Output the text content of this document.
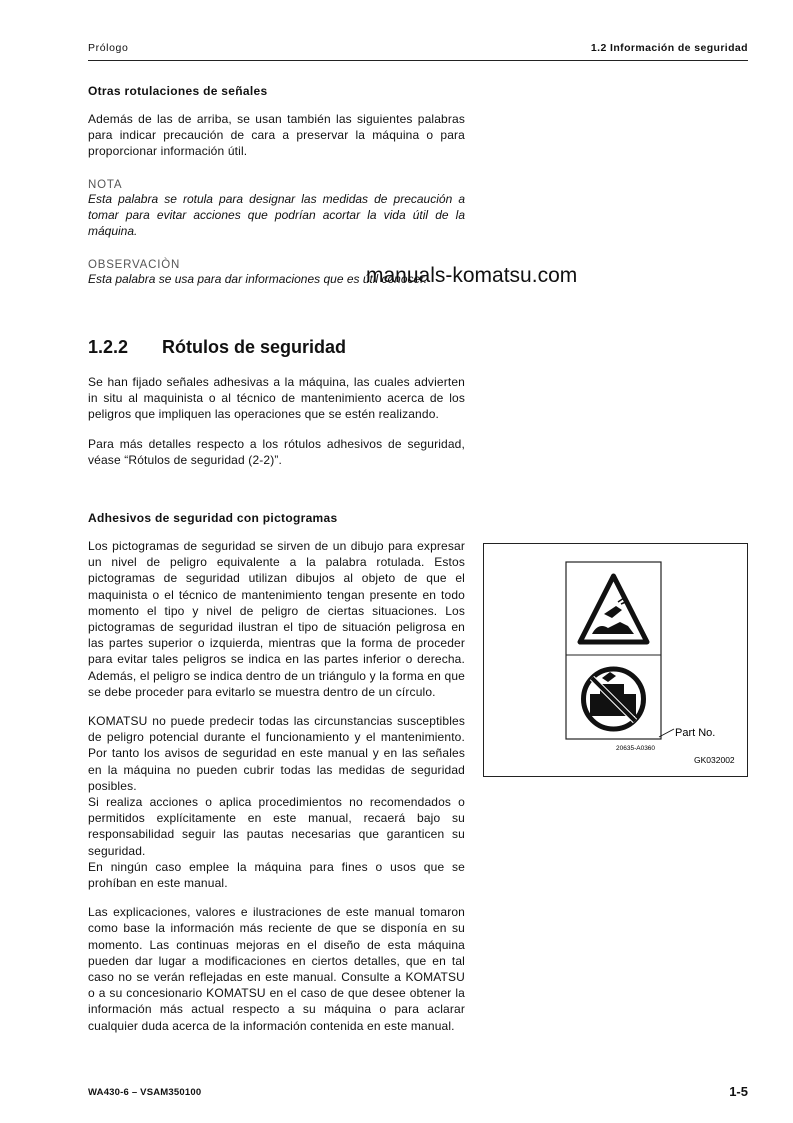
Prólogo	1.2 Información de seguridad
Otras rotulaciones de señales

Además de las de arriba, se usan también las siguientes palabras para indicar precaución de cara a preservar la máquina o para proporcionar información útil.

NOTA

Esta palabra se rotula para designar las medidas de precaución a tomar para evitar acciones que podrían acortar la vida útil de la máquina.

OBSERVACIÒN

Esta palabra se usa para dar informaciones que es útil conocer.

manuals-komatsu.com
1.2.2 Rótulos de seguridad

Se han fijado señales adhesivas a la máquina, las cuales advierten in situ al maquinista o al técnico de mantenimiento acerca de los peligros que impliquen las operaciones que se estén realizando.

Para más detalles respecto a los rótulos adhesivos de seguridad, véase “Rótulos de seguridad (2-2)”.

Adhesivos de seguridad con pictogramas

Los pictogramas de seguridad se sirven de un dibujo para expresar un nivel de peligro equivalente a la palabra rotulada. Estos pictogramas de seguridad utilizan dibujos al objeto de que el maquinista o el técnico de mantenimiento tengan presente en todo momento el tipo y nivel de peligro de ciertas situaciones. Los pictogramas de seguridad ilustran el tipo de situación peligrosa en las partes superior o izquierda, mientras que la forma de proceder para evitar tales peligros se indica en las partes inferior o derecha. Además, el peligro se indica dentro de un triángulo y la forma en que se debe proceder para evitarlo se muestra dentro de un círculo.

KOMATSU no puede predecir todas las circunstancias susceptibles de peligro potencial durante el funcionamiento y el mantenimiento. Por tanto los avisos de seguridad en este manual y en las señales en la máquina no pueden cubrir todas las medidas de seguridad posibles.

Si realiza acciones o aplica procedimientos no recomendados o permitidos explícitamente en este manual, recaerá bajo su responsabilidad seguir las pautas necesarias que garanticen su seguridad.

En ningún caso emplee la máquina para fines o usos que se prohíban en este manual.

Las explicaciones, valores e ilustraciones de este manual tomaron como base la información más reciente de que se disponía en su momento. Las continuas mejoras en el diseño de esta máquina pueden dar lugar a modificaciones en ciertos detalles, que en tal caso no se verán reflejadas en este manual. Consulte a KOMATSU o a su concesionario KOMATSU en el caso de que desee obtener la información más actual respecto a su máquina o para aclarar cualquier duda acerca de la información contenida en este manual.

Part No.
20635-A0360
GK032002
WA430-6 – VSAM350100	1-5
